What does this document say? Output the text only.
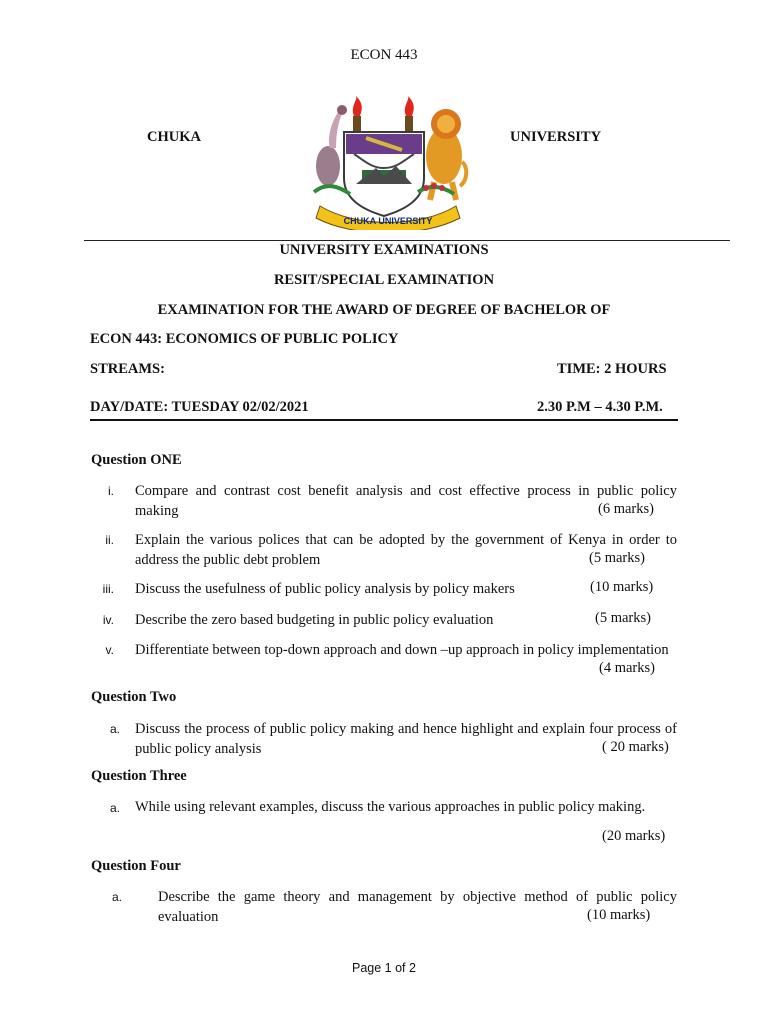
ECON 443
CHUKA	UNIVERSITY
CHUKA UNIVERSITY
UNIVERSITY EXAMINATIONS
RESIT/SPECIAL EXAMINATION
EXAMINATION FOR THE AWARD OF DEGREE OF BACHELOR OF
ECON 443: ECONOMICS OF PUBLIC POLICY
STREAMS:	TIME: 2 HOURS
DAY/DATE: TUESDAY 02/02/2021	2.30 P.M – 4.30 P.M.
Question ONE
i. Compare and contrast cost benefit analysis and cost effective process in public policy making	(6 marks)
ii. Explain the various polices that can be adopted by the government of Kenya in order to address the public debt problem	(5 marks)
iii. Discuss the usefulness of public policy analysis by policy makers	(10 marks)
iv. Describe the zero based budgeting in public policy evaluation	(5 marks)
v. Differentiate between top-down approach and down –up approach in policy implementation
(4 marks)
Question Two
a. Discuss the process of public policy making and hence highlight and explain four process of public policy analysis	( 20 marks)
Question Three
a. While using relevant examples, discuss the various approaches in public policy making.
(20 marks)
Question Four
a. Describe the game theory and management by objective method of public policy evaluation	(10 marks)
Page 1 of 2
